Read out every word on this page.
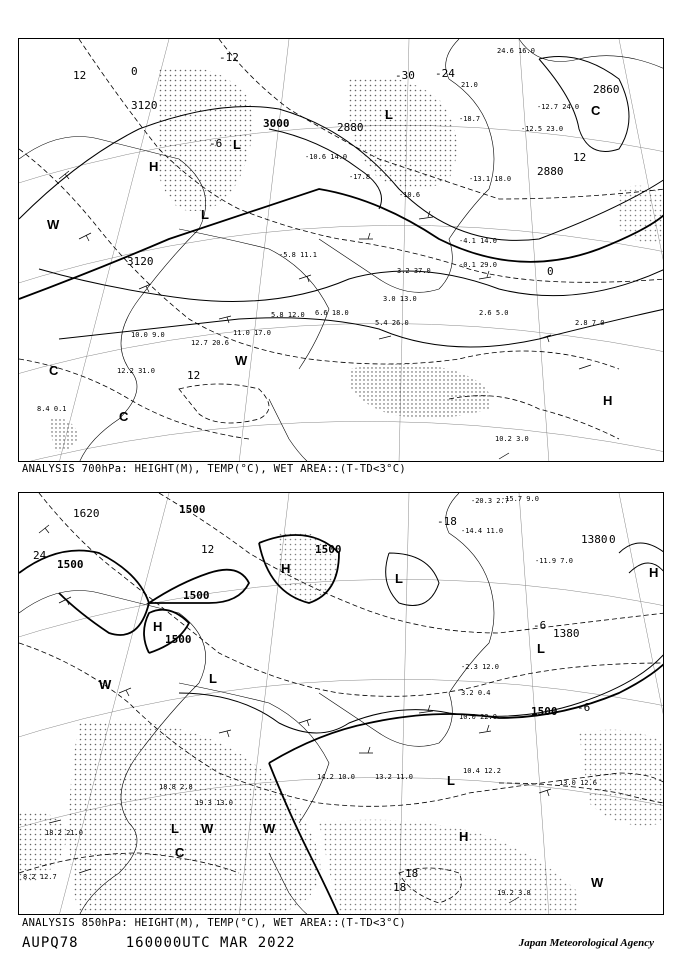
3000	2880
3120
3120
2880
2860
-30 -24
0
12
12
0
-6
-12
12
L
L
L
H
H
W
W
C
C
C
10.2 3.0
2.8 7.0
2.6 5.0
3.0 13.0
11.0 17.0
12.7 20.6
10.0 9.0
12.2 31.0
8.4 0.1
-5.8 11.1
-10.6 14.0
-17.8
-18.7
-10.6
-4.1 14.0
-0.1 29.0
3.2 37.0
5.4 26.0
6.6 18.0
5.8 12.0
21.0
24.6 16.0
-12.7 24.0
-12.5 23.0
-13.1 18.0
ANALYSIS 700hPa: HEIGHT(M), TEMP(°C), WET AREA::(T-TD<3°C)
1500
1500
1500
1500
1500
1500
1380
1380
1620
24
-18
-6
-6
18
18
12
0
H
H
H
L
L
L
L
L
H
W
W	W
W
C
19.2 3.8
13.0 12.6
10.4 12.2
13.2 11.0
14.2 10.0
10.0 22.0
3.2 0.4
-2.3 12.0
-11.9 7.0
-14.4 11.0
-20.3 2.7
-15.7 9.0
18.8 2.8
19.3 13.0
18.2 21.0
8.2 12.7
ANALYSIS 850hPa: HEIGHT(M), TEMP(°C), WET AREA::(T-TD<3°C)
AUPQ78	160000UTC MAR 2022	Japan Meteorological Agency
